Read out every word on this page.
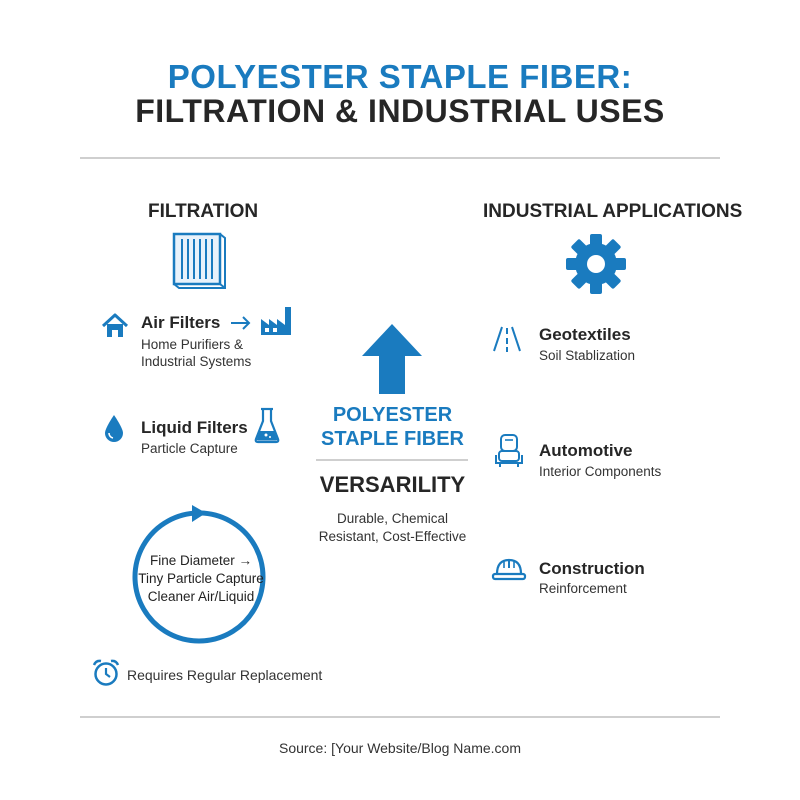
POLYESTER STAPLE FIBER:
FILTRATION & INDUSTRIAL USES
FILTRATION
Air Filters
Home Purifiers &
Industrial Systems
Liquid Filters
Particle Capture
Fine Diameter →
Tiny Particle Capture
Cleaner Air/Liquid
Requires Regular Replacement
POLYESTER
STAPLE FIBER
VERSARILITY
Durable, Chemical
Resistant, Cost-Effective
INDUSTRIAL APPLICATIONS
Geotextiles
Soil Stablization
Automotive
Interior Components
Construction
Reinforcement
Source: [Your Website/Blog Name.com
